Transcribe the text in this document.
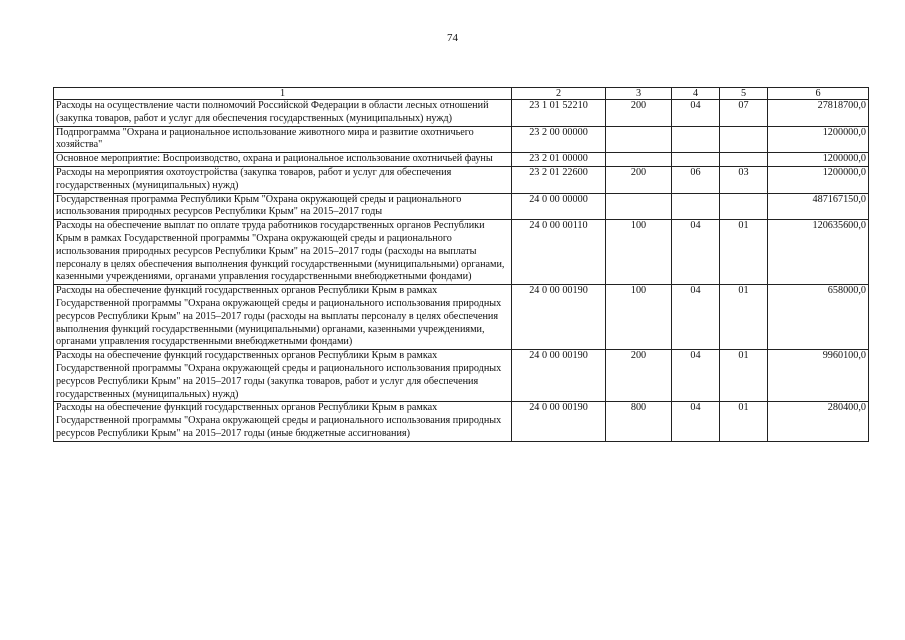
74
1	2	3	4	5	6
Расходы на осуществление части полномочий Российской Федерации в области лесных отношений (закупка товаров, работ и услуг для обеспечения государственных (муниципальных) нужд)	23 1 01 52210	200	04	07	27818700,0
Подпрограмма "Охрана и рациональное использование животного мира и развитие охотничьего хозяйства"	23 2 00 00000				1200000,0
Основное мероприятие: Воспроизводство, охрана и рациональное использование охотничьей фауны	23 2 01 00000				1200000,0
Расходы на мероприятия охотоустройства (закупка товаров, работ и услуг для обеспечения государственных (муниципальных) нужд)	23 2 01 22600	200	06	03	1200000,0
Государственная программа Республики Крым "Охрана окружающей среды и рационального использования природных ресурсов Республики Крым" на 2015–2017 годы	24 0 00 00000				487167150,0
Расходы на обеспечение выплат по оплате труда работников государственных органов Республики Крым в рамках Государственной программы "Охрана окружающей среды и рационального использования природных ресурсов Республики Крым" на 2015–2017 годы (расходы на выплаты персоналу в целях обеспечения выполнения функций государственными (муниципальными) органами, казенными учреждениями, органами управления государственными внебюджетными фондами)	24 0 00 00110	100	04	01	120635600,0
Расходы на обеспечение функций государственных органов Республики Крым в рамках Государственной программы "Охрана окружающей среды и рационального использования природных ресурсов Республики Крым" на 2015–2017 годы (расходы на выплаты персоналу в целях обеспечения выполнения функций государственными (муниципальными) органами, казенными учреждениями, органами управления государственными внебюджетными фондами)	24 0 00 00190	100	04	01	658000,0
Расходы на обеспечение функций государственных органов Республики Крым в рамках Государственной программы "Охрана окружающей среды и рационального использования природных ресурсов Республики Крым" на 2015–2017 годы (закупка товаров, работ и услуг для обеспечения государственных (муниципальных) нужд)	24 0 00 00190	200	04	01	9960100,0
Расходы на обеспечение функций государственных органов Республики Крым в рамках Государственной программы "Охрана окружающей среды и рационального использования природных ресурсов Республики Крым" на 2015–2017 годы (иные бюджетные ассигнования)	24 0 00 00190	800	04	01	280400,0
